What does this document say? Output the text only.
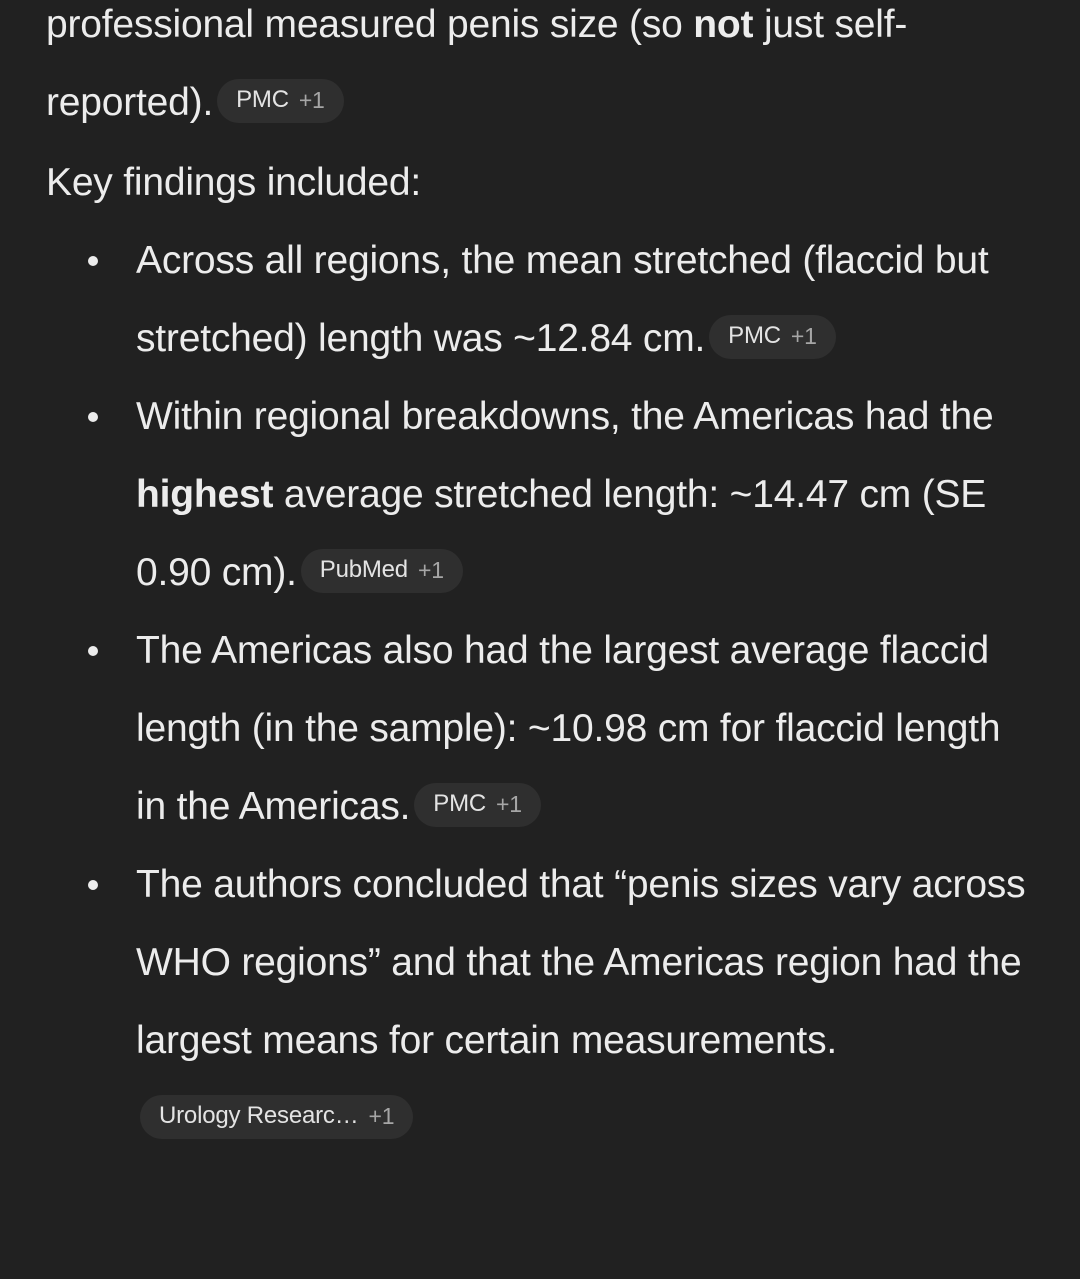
professional measured penis size (so not just self-reported). PMC +1

Key findings included:

Across all regions, the mean stretched (flaccid but stretched) length was ~12.84 cm. PMC +1
Within regional breakdowns, the Americas had the highest average stretched length: ~14.47 cm (SE 0.90 cm). PubMed +1
The Americas also had the largest average flaccid length (in the sample): ~10.98 cm for flaccid length in the Americas. PMC +1
The authors concluded that “penis sizes vary across WHO regions” and that the Americas region had the largest means for certain measurements.
Urology Researc… +1
